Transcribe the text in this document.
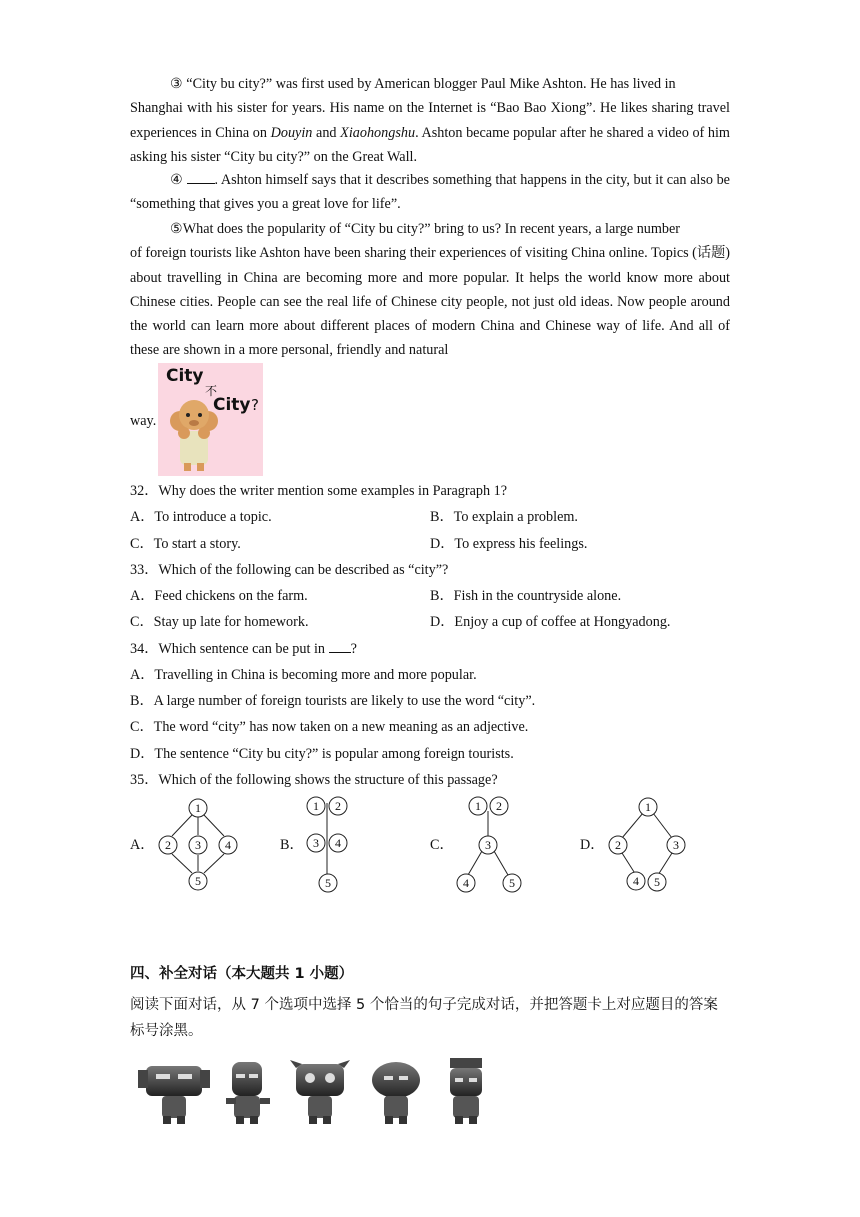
③ “City bu city?” was first used by American blogger Paul Mike Ashton. He has lived in
Shanghai with his sister for years. His name on the Internet is “Bao Bao Xiong”. He likes sharing travel experiences in China on Douyin and Xiaohongshu. Ashton became popular after he shared a video of him asking his sister “City bu city?” on the Great Wall.
④ . Ashton himself says that it describes something that happens in the city, but it can also be “something that gives you a great love for life”.
⑤What does the popularity of “City bu city?” bring to us? In recent years, a large number
of foreign tourists like Ashton have been sharing their experiences of visiting China online. Topics (话题) about travelling in China are becoming more and more popular. It helps the world know more about Chinese cities. People can see the real life of Chinese city people, not just old ideas. Now people around the world can learn more about different places of modern China and Chinese way of life. And all of these are shown in a more personal, friendly and natural
way.
City
不
City ?
32．Why does the writer mention some examples in Paragraph 1?
A．To introduce a topic.	B．To explain a problem.
C．To start a story.	D．To express his feelings.
33．Which of the following can be described as “city”?
A．Feed chickens on the farm.	B．Fish in the countryside alone.
C．Stay up late for homework.	D．Enjoy a cup of coffee at Hongyadong.
34．Which sentence can be put in ?
A．Travelling in China is becoming more and more popular.
B．A large number of foreign tourists are likely to use the word “city”.
C．The word “city” has now taken on a new meaning as an adjective.
D．The sentence “City bu city?” is popular among foreign tourists.
35．Which of the following shows the structure of this passage?
A．	B．	C．	D．
1
2 3 4
5
1 2
3 4
5
1 2
3
4	5
1
2	3
4 5
四、补全对话（本大题共 1 小题）
阅读下面对话，从 7 个选项中选择 5 个恰当的句子完成对话，并把答题卡上对应题目的答案标号涂黑。
